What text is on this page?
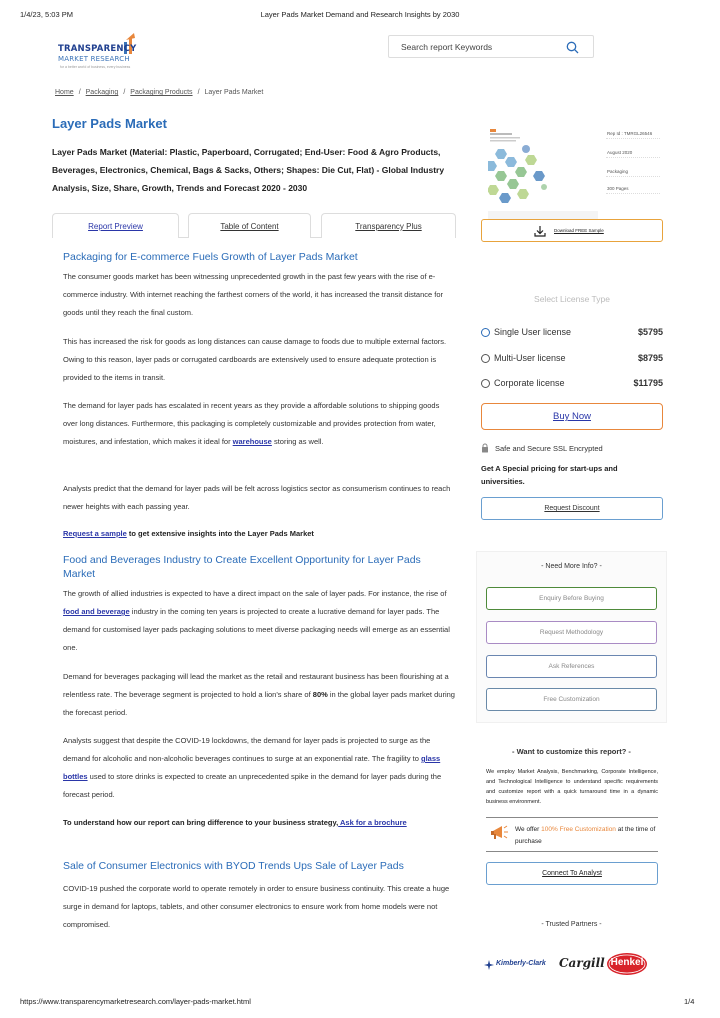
1/4/23, 5:03 PM	Layer Pads Market Demand and Research Insights by 2030
TRANSPARENCY
MARKET RESEARCH
for a better world of business, every business
Search report Keywords
Home / Packaging / Packaging Products / Layer Pads Market
Layer Pads Market
Layer Pads Market (Material: Plastic, Paperboard, Corrugated; End-User: Food & Agro Products, Beverages, Electronics, Chemical, Bags & Sacks, Others; Shapes: Die Cut, Flat) - Global Industry Analysis, Size, Share, Growth, Trends and Forecast 2020 - 2030
Rep Id : TMRGL26546
August 2020
Packaging
300 Pages
Report Preview	Table of Content	Transparency Plus	Download FREE Sample
Packaging for E-commerce Fuels Growth of Layer Pads Market
The consumer goods market has been witnessing unprecedented growth in the past few years with the rise of e-commerce industry. With internet reaching the farthest corners of the world, it has increased the transit distance for goods until they reach the final custom.
This has increased the risk for goods as long distances can cause damage to foods due to multiple external factors. Owing to this reason, layer pads or corrugated cardboards are extensively used to ensure adequate protection is provided to the items in transit.
The demand for layer pads has escalated in recent years as they provide a affordable solutions to shipping goods over long distances. Furthermore, this packaging is completely customizable and provides protection from water, moistures, and infestation, which makes it ideal for warehouse storing as well.
Analysts predict that the demand for layer pads will be felt across logistics sector as consumerism continues to reach newer heights with each passing year.
Request a sample to get extensive insights into the Layer Pads Market
Food and Beverages Industry to Create Excellent Opportunity for Layer Pads Market
The growth of allied industries is expected to have a direct impact on the sale of layer pads. For instance, the rise of food and beverage industry in the coming ten years is projected to create a lucrative demand for layer pads. The demand for customised layer pads packaging solutions to meet diverse packaging needs will emerge as an essential one.
Demand for beverages packaging will lead the market as the retail and restaurant business has been flourishing at a relentless rate. The beverage segment is projected to hold a lion's share of 80% in the global layer pads market during the forecast period.
Analysts suggest that despite the COVID-19 lockdowns, the demand for layer pads is projected to surge as the demand for alcoholic and non-alcoholic beverages continues to surge at an exponential rate. The fragility to glass bottles used to store drinks is expected to create an unprecedented spike in the demand for layer pads during the forecast period.
To understand how our report can bring difference to your business strategy, Ask for a brochure
Sale of Consumer Electronics with BYOD Trends Ups Sale of Layer Pads
COVID-19 pushed the corporate world to operate remotely in order to ensure business continuity. This create a huge surge in demand for laptops, tablets, and other consumer electronics to ensure work from home models were not compromised.
Select License Type
Single User license	$5795
Multi-User license	$8795
Corporate license	$11795
Buy Now
Safe and Secure SSL Encrypted
Get A Special pricing for start-ups and universities.
Request Discount
- Need More Info? -
Enquiry Before Buying
Request Methodology
Ask References
Free Customization
- Want to customize this report? -
We employ Market Analysis, Benchmarking, Corporate Intelligence, and Technological Intelligence to understand specific requirements and customize report with a quick turnaround time in a dynamic business environment.
We offer 100% Free Customization at the time of purchase
Connect To Analyst
- Trusted Partners -
Kimberly-Clark Cargill Henkel
https://www.transparencymarketresearch.com/layer-pads-market.html	1/4
